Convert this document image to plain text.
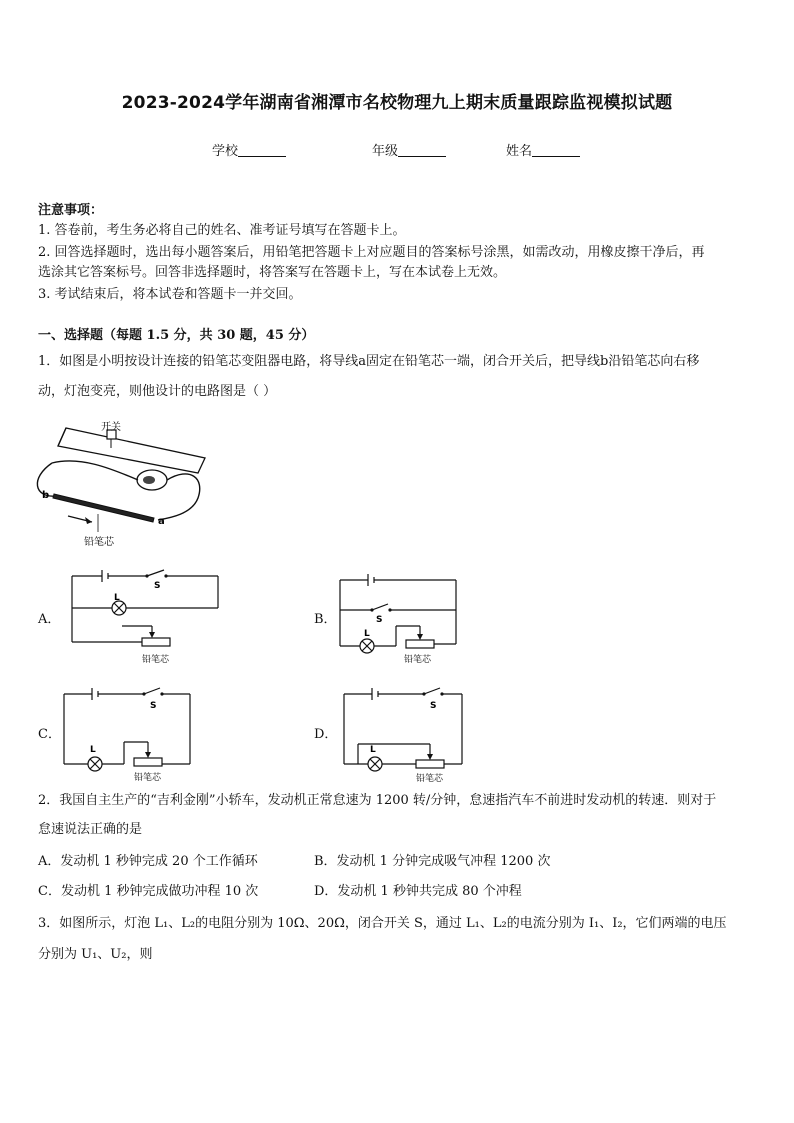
2023-2024学年湖南省湘潭市名校物理九上期末质量跟踪监视模拟试题
学校	年级	姓名
注意事项：
1. 答卷前，考生务必将自己的姓名、准考证号填写在答题卡上。
2. 回答选择题时，选出每小题答案后，用铅笔把答题卡上对应题目的答案标号涂黑，如需改动，用橡皮擦干净后，再
选涂其它答案标号。回答非选择题时，将答案写在答题卡上，写在本试卷上无效。
3. 考试结束后，将本试卷和答题卡一并交回。
一、选择题（每题 1.5 分，共 30 题，45 分）
1．如图是小明按设计连接的铅笔芯变阻器电路，将导线a固定在铅笔芯一端，闭合开关后，把导线b沿铅笔芯向右移
动，灯泡变亮，则他设计的电路图是（ ）
开关
b
a
铅笔芯
A．
L
S
铅笔芯
B．
L
S
铅笔芯
C．
L
S
铅笔芯
D．
L
S
铅笔芯
2．我国自主生产的“吉利金刚”小轿车，发动机正常怠速为 1200 转/分钟，怠速指汽车不前进时发动机的转速．则对于
怠速说法正确的是
A．发动机 1 秒钟完成 20 个工作循环	B．发动机 1 分钟完成吸气冲程 1200 次
C．发动机 1 秒钟完成做功冲程 10 次	D．发动机 1 秒钟共完成 80 个冲程
3．如图所示，灯泡 L₁、L₂的电阻分别为 10Ω、20Ω，闭合开关 S，通过 L₁、L₂的电流分别为 I₁、I₂，它们两端的电压
分别为 U₁、U₂，则
